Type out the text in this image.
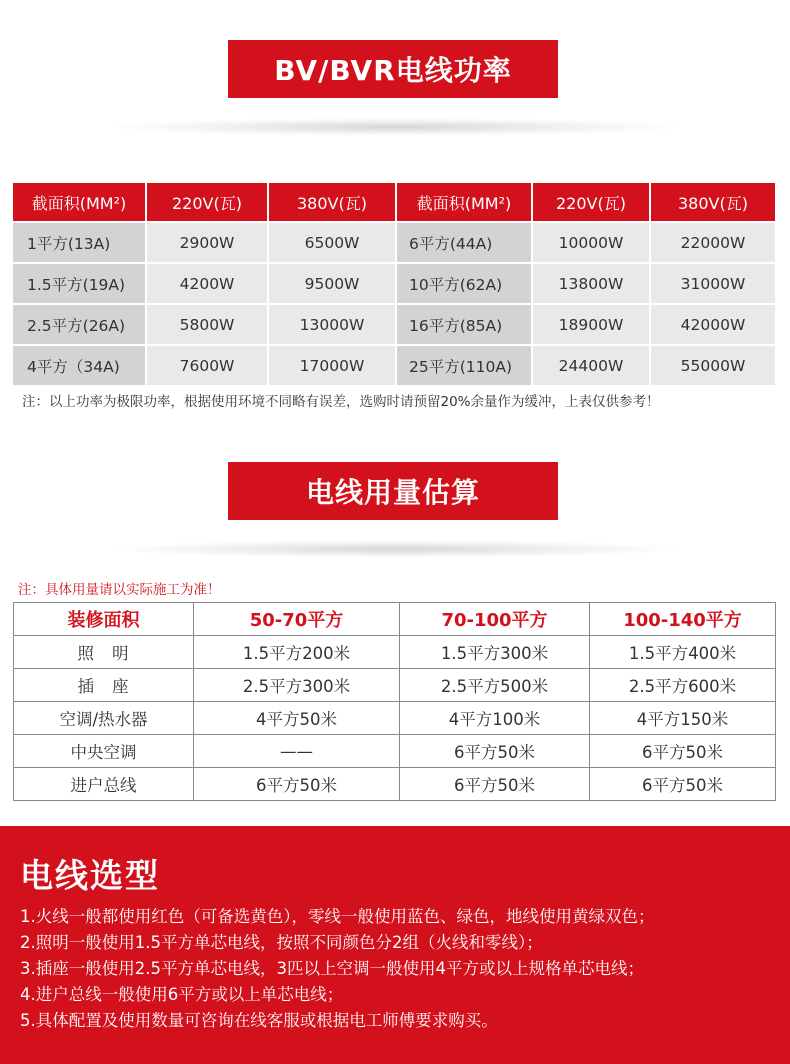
BV/BVR电线功率
截面积(MM²)	220V(瓦)	380V(瓦)	截面积(MM²)	220V(瓦)	380V(瓦)
1平方(13A)	2900W	6500W	6平方(44A)	10000W	22000W
1.5平方(19A)	4200W	9500W	10平方(62A)	13800W	31000W
2.5平方(26A)	5800W	13000W	16平方(85A)	18900W	42000W
4平方（34A)	7600W	17000W	25平方(110A)	24400W	55000W
注：以上功率为极限功率，根据使用环境不同略有误差，选购时请预留20%余量作为缓冲，上表仅供参考！
电线用量估算
注：具体用量请以实际施工为准！
装修面积	50-70平方	70-100平方	100-140平方
照明	1.5平方200米	1.5平方300米	1.5平方400米
插座	2.5平方300米	2.5平方500米	2.5平方600米
空调/热水器	4平方50米	4平方100米	4平方150米
中央空调	——	6平方50米	6平方50米
进户总线	6平方50米	6平方50米	6平方50米
电线选型
1.火线一般都使用红色（可备选黄色），零线一般使用蓝色、绿色，地线使用黄绿双色；
2.照明一般使用1.5平方单芯电线，按照不同颜色分2组（火线和零线）；
3.插座一般使用2.5平方单芯电线，3匹以上空调一般使用4平方或以上规格单芯电线；
4.进户总线一般使用6平方或以上单芯电线；
5.具体配置及使用数量可咨询在线客服或根据电工师傅要求购买。
